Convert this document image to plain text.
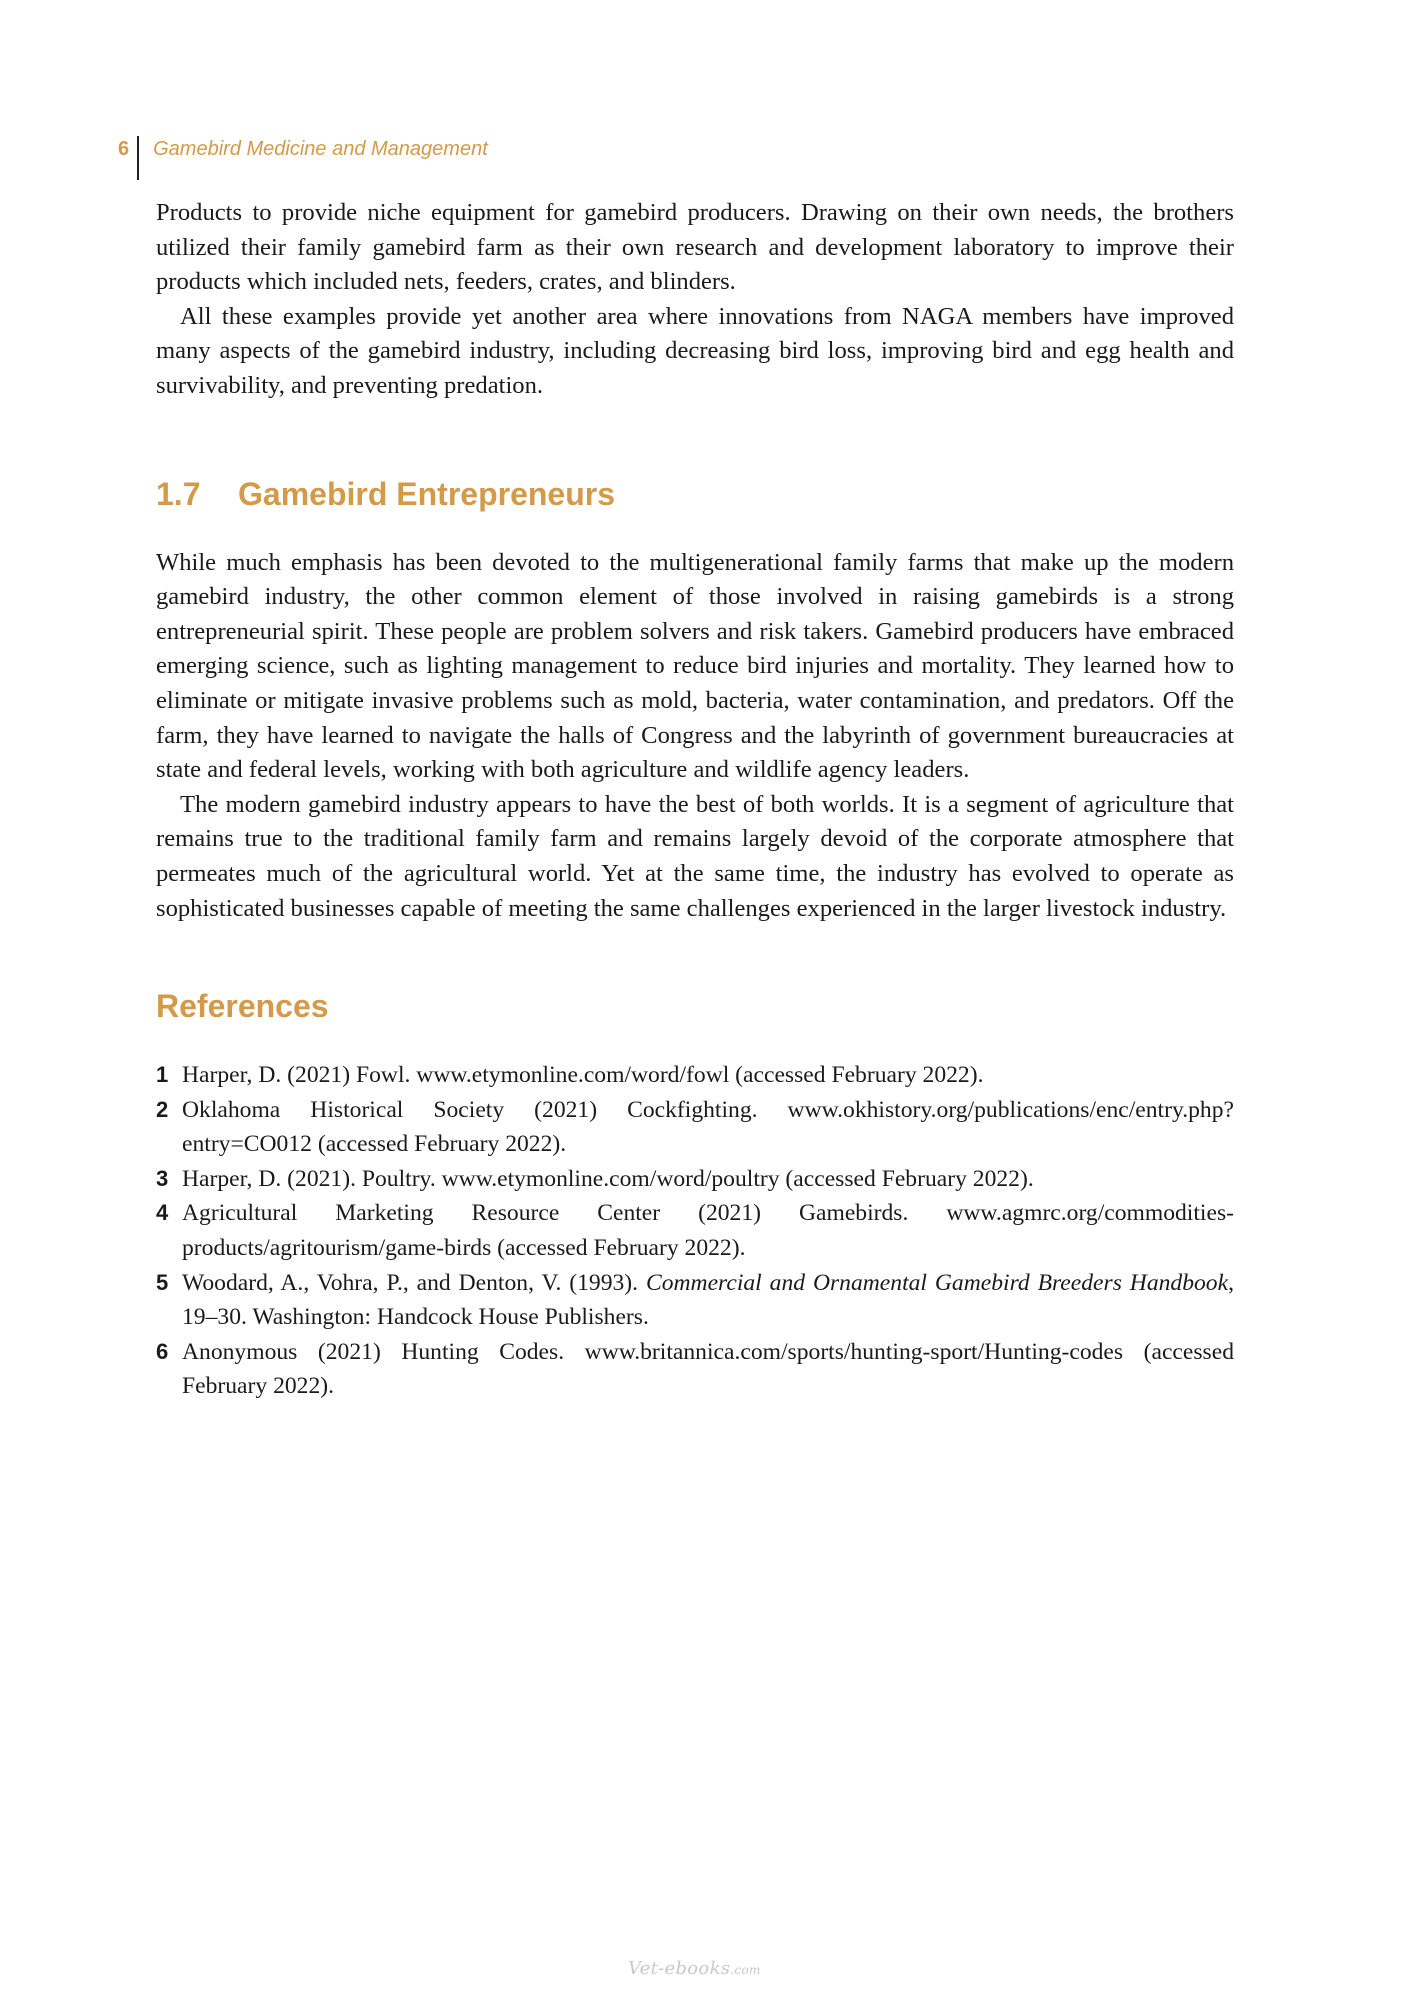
6	Gamebird Medicine and Management

Products to provide niche equipment for gamebird producers. Drawing on their own needs, the brothers utilized their family gamebird farm as their own research and development laboratory to improve their products which included nets, feeders, crates, and blinders.

All these examples provide yet another area where innovations from NAGA members have improved many aspects of the gamebird industry, including decreasing bird loss, improving bird and egg health and survivability, and preventing predation.

1.7	Gamebird Entrepreneurs

While much emphasis has been devoted to the multigenerational family farms that make up the modern gamebird industry, the other common element of those involved in raising gamebirds is a strong entrepreneurial spirit. These people are problem solvers and risk takers. Gamebird producers have embraced emerging science, such as lighting management to reduce bird injuries and mortality. They learned how to eliminate or mitigate invasive problems such as mold, bacteria, water contamination, and predators. Off the farm, they have learned to navigate the halls of Congress and the labyrinth of government bureaucracies at state and federal levels, working with both agriculture and wildlife agency leaders.

The modern gamebird industry appears to have the best of both worlds. It is a segment of agriculture that remains true to the traditional family farm and remains largely devoid of the corporate atmosphere that permeates much of the agricultural world. Yet at the same time, the industry has evolved to operate as sophisticated businesses capable of meeting the same challenges experienced in the larger livestock industry.

References
1 Harper, D. (2021) Fowl. www.etymonline.com/word/fowl (accessed February 2022).
2 Oklahoma Historical Society (2021) Cockfighting. www.okhistory.org/publications/enc/entry.php?entry=CO012 (accessed February 2022).
3 Harper, D. (2021). Poultry. www.etymonline.com/word/poultry (accessed February 2022).
4 Agricultural Marketing Resource Center (2021) Gamebirds. www.agmrc.org/commodities-products/agritourism/game-birds (accessed February 2022).
5 Woodard, A., Vohra, P., and Denton, V. (1993). Commercial and Ornamental Gamebird Breeders Handbook, 19–30. Washington: Handcock House Publishers.
6 Anonymous (2021) Hunting Codes. www.britannica.com/sports/hunting-sport/Hunting-codes (accessed February 2022).
Vet-ebooks.com
